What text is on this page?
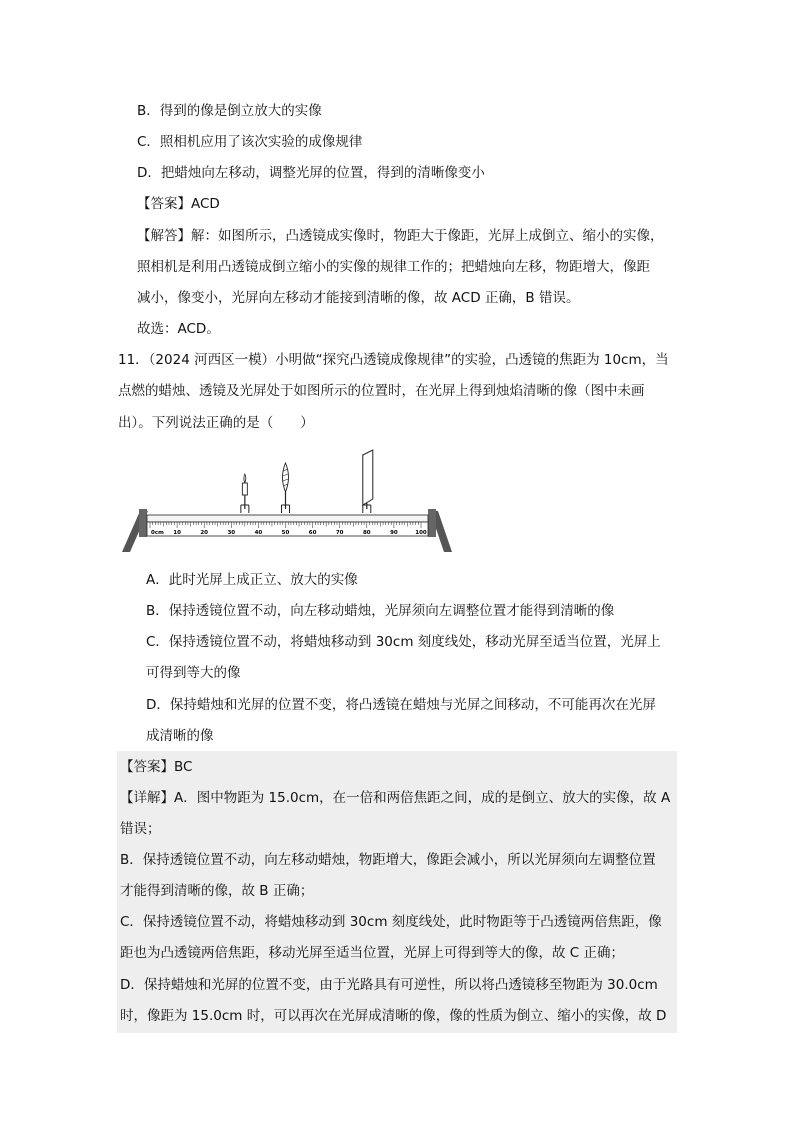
B．得到的像是倒立放大的实像
C．照相机应用了该次实验的成像规律
D．把蜡烛向左移动，调整光屏的位置，得到的清晰像变小
【答案】ACD
【解答】解：如图所示，凸透镜成实像时，物距大于像距，光屏上成倒立、缩小的实像，
照相机是利用凸透镜成倒立缩小的实像的规律工作的；把蜡烛向左移，物距增大，像距
减小，像变小，光屏向左移动才能接到清晰的像，故 ACD 正确，B 错误。
故选：ACD。
11．（2024 河西区一模）小明做“探究凸透镜成像规律”的实验，凸透镜的焦距为 10cm，当
点燃的蜡烛、透镜及光屏处于如图所示的位置时，在光屏上得到烛焰清晰的像（图中未画
出）。下列说法正确的是（　　）
0cm 10	20	30	40	50	60	70	80	90	100
A．此时光屏上成正立、放大的实像
B．保持透镜位置不动，向左移动蜡烛，光屏须向左调整位置才能得到清晰的像
C．保持透镜位置不动，将蜡烛移动到 30cm 刻度线处，移动光屏至适当位置，光屏上
可得到等大的像
D．保持蜡烛和光屏的位置不变，将凸透镜在蜡烛与光屏之间移动，不可能再次在光屏
成清晰的像
【答案】BC
【详解】A．图中物距为 15.0cm，在一倍和两倍焦距之间，成的是倒立、放大的实像，故 A
错误；
B．保持透镜位置不动，向左移动蜡烛，物距增大，像距会减小，所以光屏须向左调整位置
才能得到清晰的像，故 B 正确；
C．保持透镜位置不动，将蜡烛移动到 30cm 刻度线处，此时物距等于凸透镜两倍焦距，像
距也为凸透镜两倍焦距，移动光屏至适当位置，光屏上可得到等大的像，故 C 正确；
D．保持蜡烛和光屏的位置不变，由于光路具有可逆性，所以将凸透镜移至物距为 30.0cm
时，像距为 15.0cm 时，可以再次在光屏成清晰的像，像的性质为倒立、缩小的实像，故 D
